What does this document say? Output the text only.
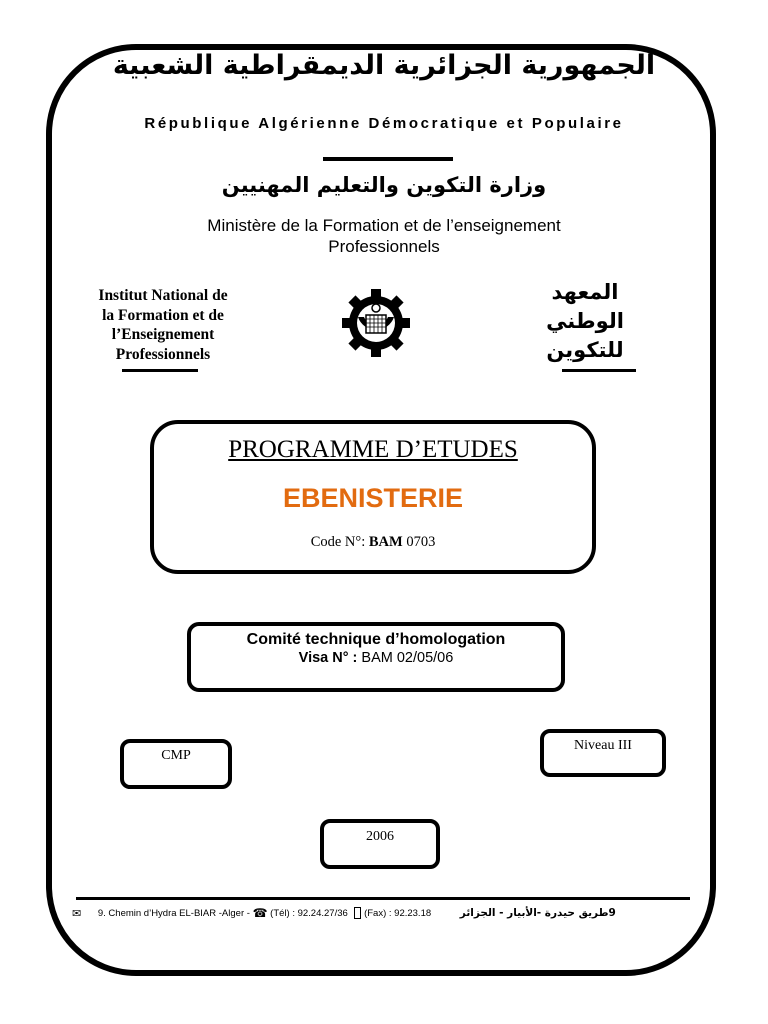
الجمهورية الجزائرية الديمقراطية الشعبية
République Algérienne Démocratique et Populaire
وزارة التكوين والتعليم المهنيين
Ministère de la Formation et de l’enseignement
Professionnels
Institut National de
la Formation et de
l’Enseignement
Professionnels
المعهد
الوطني
للتكوين
PROGRAMME D’ETUDES
EBENISTERIE
Code N°: BAM 0703
Comité technique d’homologation
Visa N° : BAM 02/05/06
CMP
Niveau III
2006
✉ 9. Chemin d’Hydra EL-BIAR -Alger - ☎ (Tél) : 92.24.27/36  (Fax) : 92.23.18	9طريق حيدرة -الأبيار - الجزائر
